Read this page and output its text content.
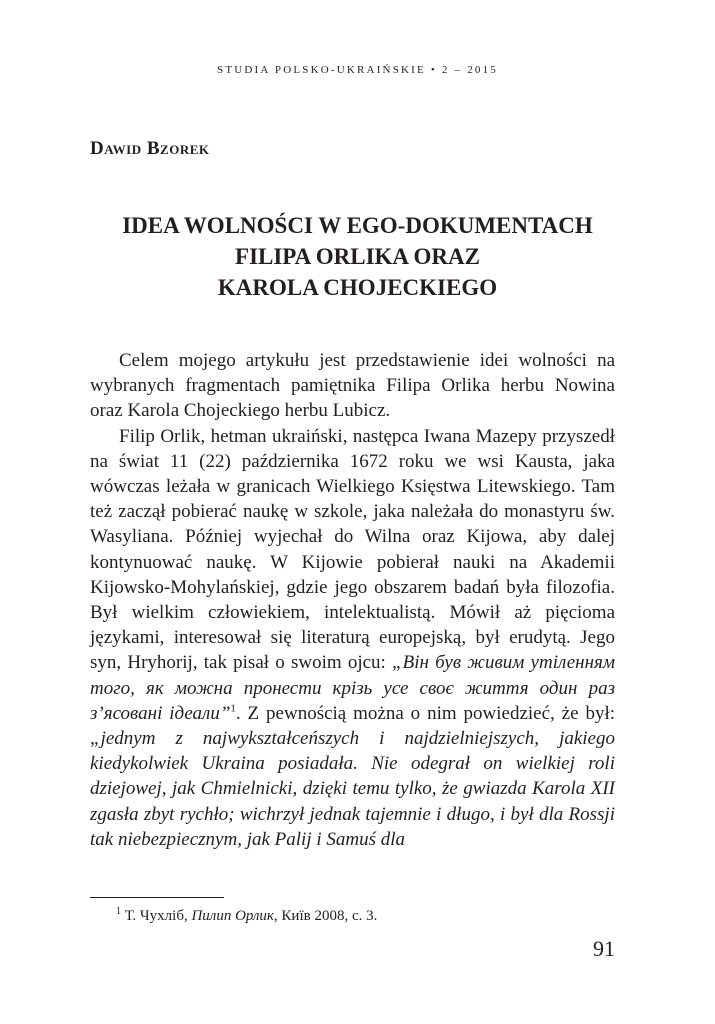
STUDIA POLSKO-UKRAIŃSKIE • 2 – 2015
Dawid Bzorek
IDEA WOLNOŚCI W EGO-DOKUMENTACH
FILIPA ORLIKA ORAZ
KAROLA CHOJECKIEGO

Celem mojego artykułu jest przedstawienie idei wolności na wybranych fragmentach pamiętnika Filipa Orlika herbu Nowina oraz Karola Chojeckiego herbu Lubicz.

Filip Orlik, hetman ukraiński, następca Iwana Mazepy przyszedł na świat 11 (22) października 1672 roku we wsi Kausta, jaka wówczas leżała w granicach Wielkiego Księstwa Litewskiego. Tam też zaczął pobierać naukę w szkole, jaka należała do monastyru św. Wasyliana. Później wyjechał do Wilna oraz Kijowa, aby dalej kontynuować naukę. W Kijowie pobierał nauki na Akademii Kijowsko-Mohylańskiej, gdzie jego obszarem badań była filozofia. Był wielkim człowiekiem, intelektualistą. Mówił aż pięcioma językami, interesował się literaturą europejską, był erudytą. Jego syn, Hryhorij, tak pisał o swoim ojcu: „Він був живим утіленням того, як можна пронести крізь усе своє життя один раз з’ясовані ідеали”$^1$. Z pewnością można o nim powiedzieć, że był: „jednym z najwykształceńszych i najdzielniejszych, jakiego kiedykolwiek Ukraina posiadała. Nie odegrał on wielkiej roli dziejowej, jak Chmielnicki, dzięki temu tylko, że gwiazda Karola XII zgasła zbyt rychło; wichrzył jednak tajemnie i długo, i był dla Rossji tak niebezpiecznym, jak Palij i Samuś dla

$^1$ Т. Чухліб, Пилип Орлик, Київ 2008, с. 3.
91
